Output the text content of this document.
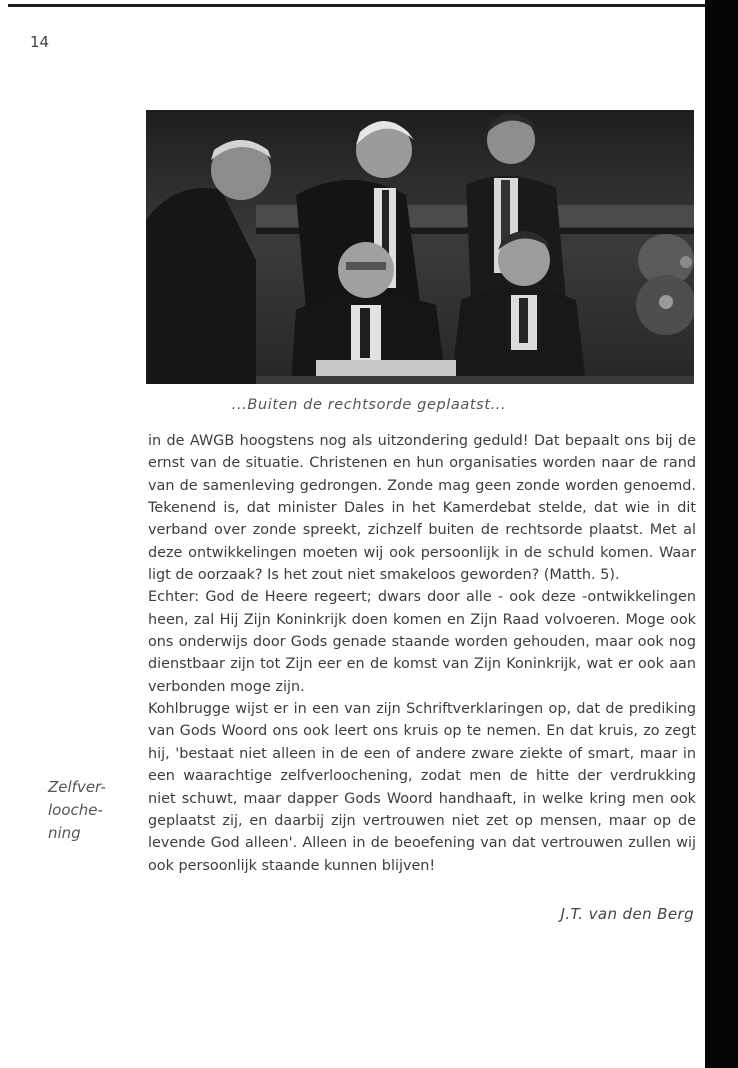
14
...Buiten de rechtsorde geplaatst...

in de AWGB hoogstens nog als uitzondering geduld! Dat bepaalt ons bij de ernst van de situatie. Christenen en hun organisaties worden naar de rand van de samenleving gedrongen. Zonde mag geen zonde worden genoemd. Tekenend is, dat minister Dales in het Kamerdebat stelde, dat wie in dit verband over zonde spreekt, zichzelf buiten de rechtsorde plaatst. Met al deze ontwikkelingen moeten wij ook persoonlijk in de schuld komen. Waar ligt de oorzaak? Is het zout niet smakeloos geworden? (Matth. 5).

Echter: God de Heere regeert; dwars door alle - ook deze -ontwikkelingen heen, zal Hij Zijn Koninkrijk doen komen en Zijn Raad volvoeren. Moge ook ons onderwijs door Gods genade staande worden gehouden, maar ook nog dienstbaar zijn tot Zijn eer en de komst van Zijn Koninkrijk, wat er ook aan verbonden moge zijn.

Kohlbrugge wijst er in een van zijn Schriftverklaringen op, dat de prediking van Gods Woord ons ook leert ons kruis op te nemen. En dat kruis, zo zegt hij, 'bestaat niet alleen in de een of andere zware ziekte of smart, maar in een waarachtige zelfverloochening, zodat men de hitte der verdrukking niet schuwt, maar dapper Gods Woord handhaaft, in welke kring men ook geplaatst zij, en daarbij zijn vertrouwen niet zet op mensen, maar op de levende God alleen'. Alleen in de beoefening van dat vertrouwen zullen wij ook persoonlijk staande kunnen blijven!

Zelfver-
looche-
ning
J.T. van den Berg
